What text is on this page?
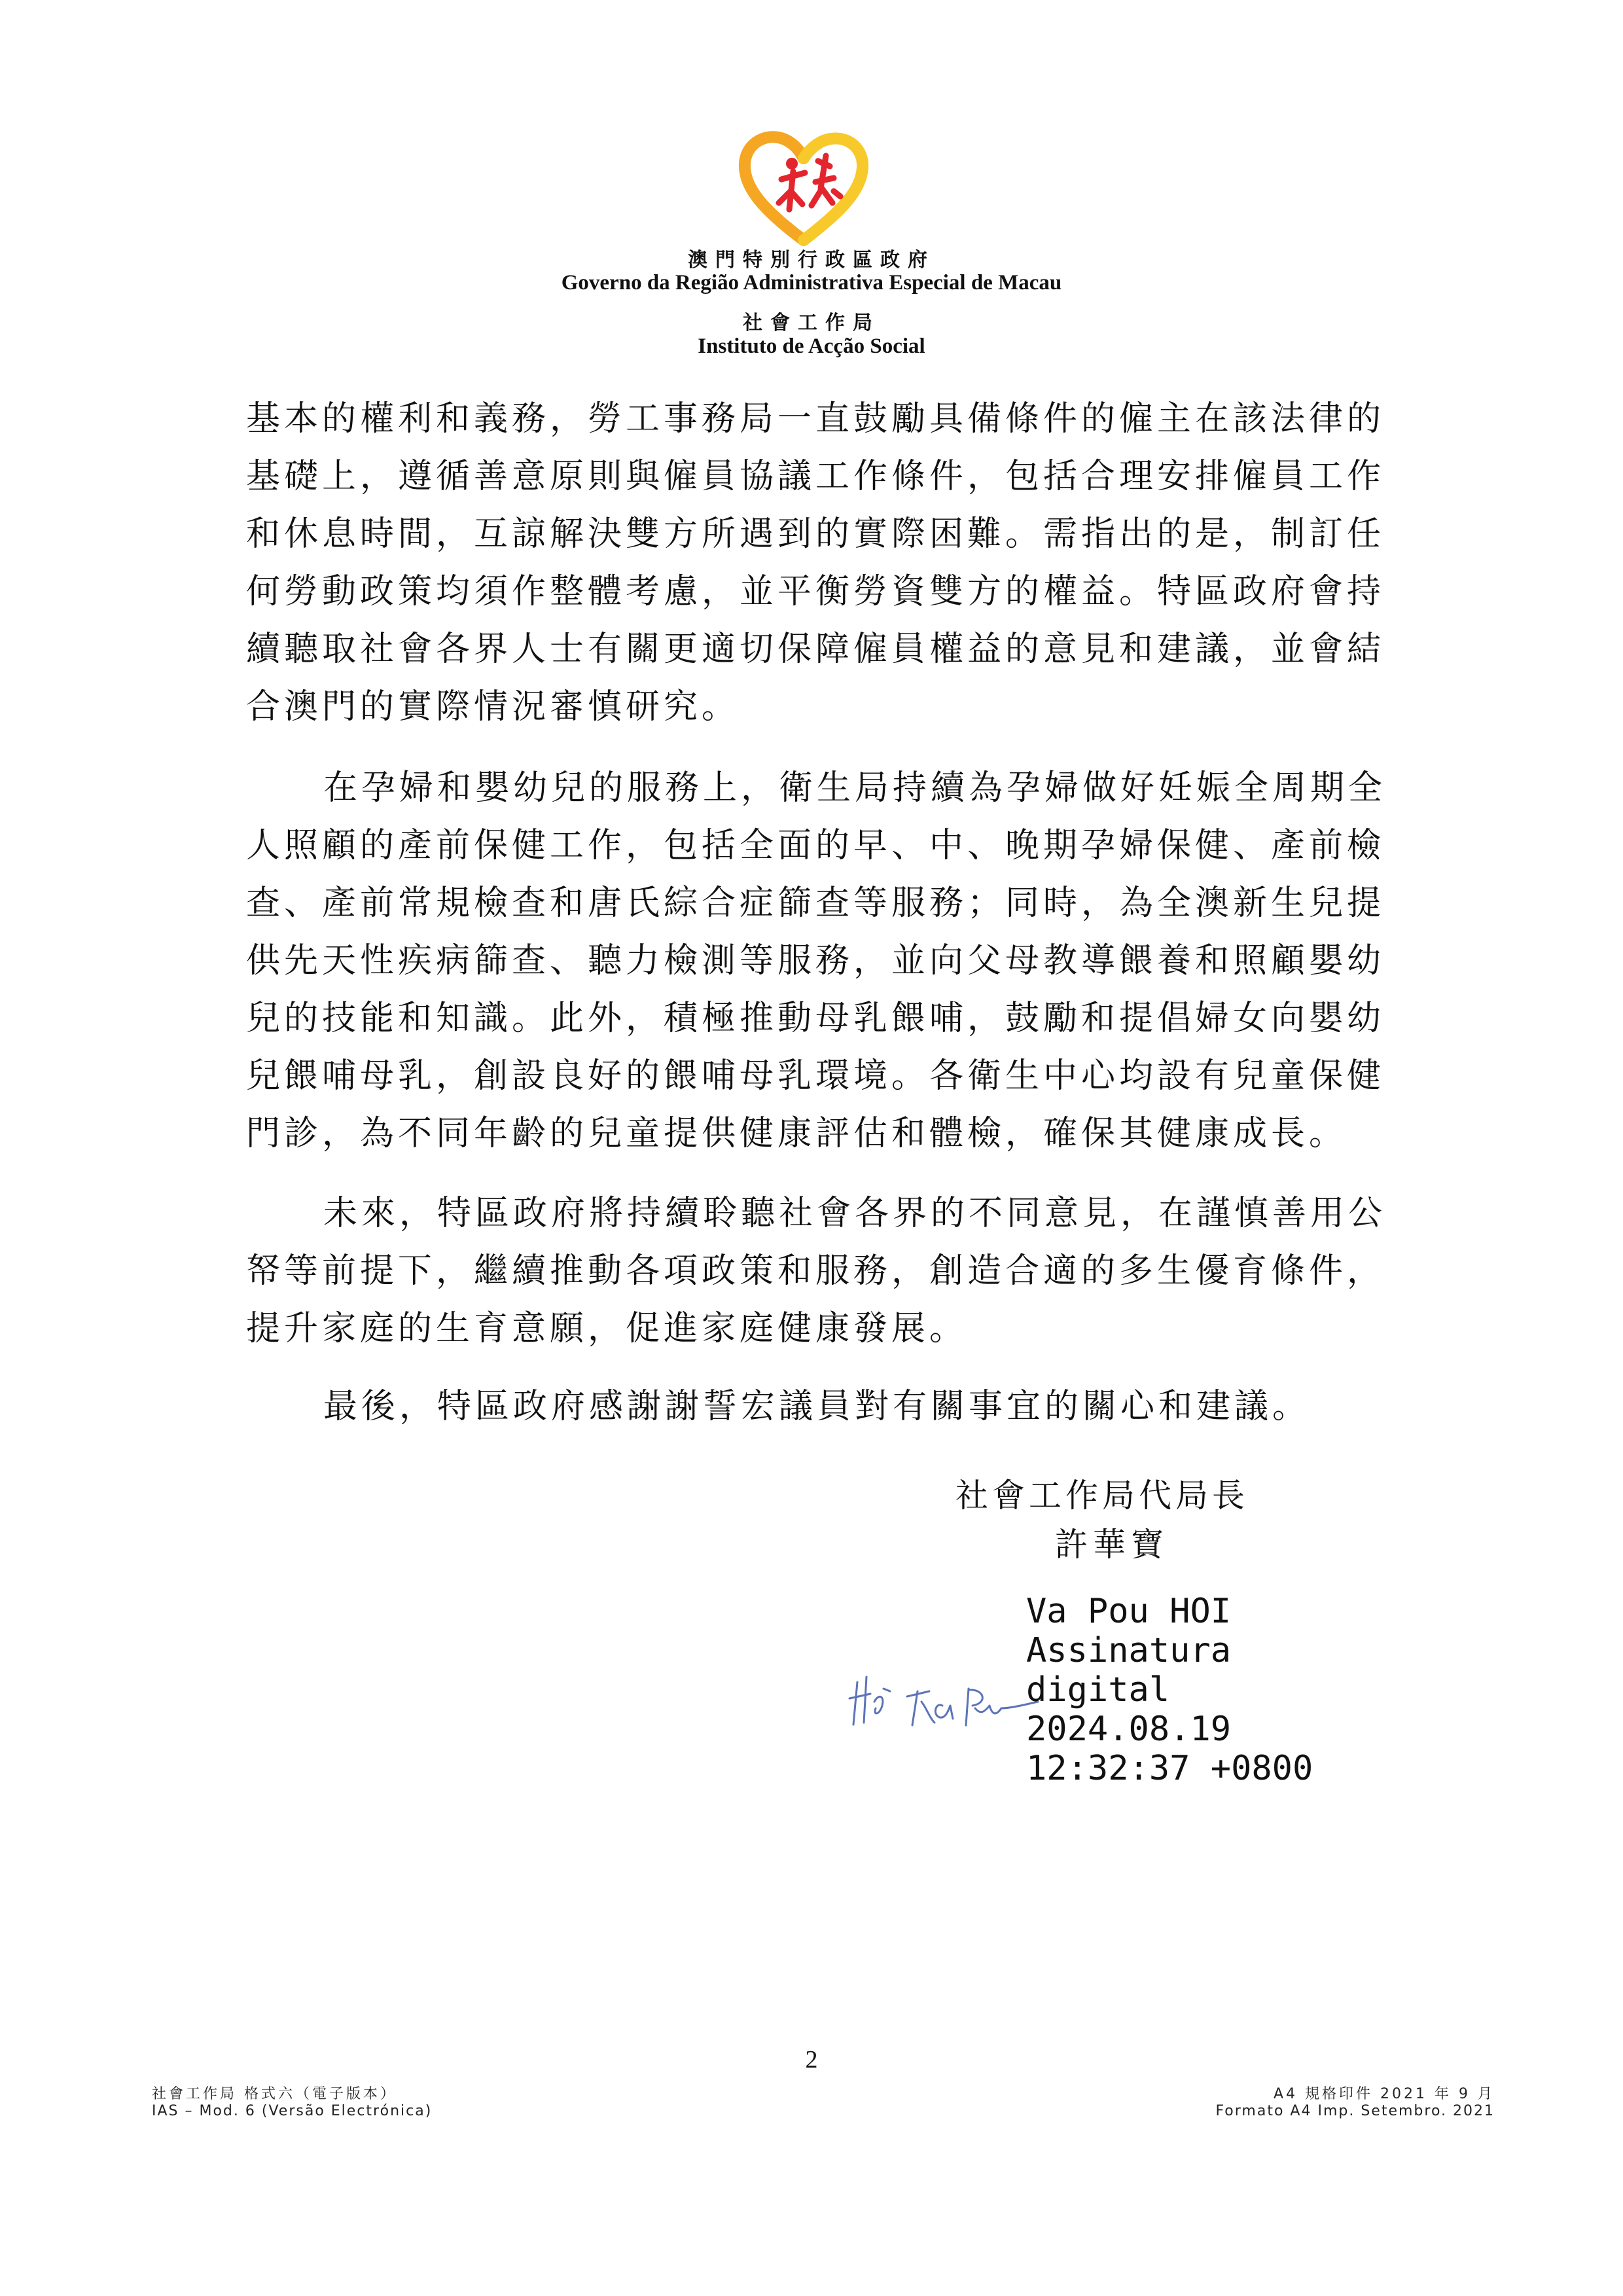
澳門特別行政區政府
Governo da Região Administrativa Especial de Macau
社會工作局
Instituto de Acção Social

基本的權利和義務，勞工事務局一直鼓勵具備條件的僱主在該法律的
基礎上，遵循善意原則與僱員協議工作條件，包括合理安排僱員工作
和休息時間，互諒解決雙方所遇到的實際困難。需指出的是，制訂任
何勞動政策均須作整體考慮，並平衡勞資雙方的權益。特區政府會持
續聽取社會各界人士有關更適切保障僱員權益的意見和建議，並會結
合澳門的實際情況審慎研究。

在孕婦和嬰幼兒的服務上，衛生局持續為孕婦做好妊娠全周期全
人照顧的產前保健工作，包括全面的早、中、晚期孕婦保健、產前檢
查、產前常規檢查和唐氏綜合症篩查等服務；同時，為全澳新生兒提
供先天性疾病篩查、聽力檢測等服務，並向父母教導餵養和照顧嬰幼
兒的技能和知識。此外，積極推動母乳餵哺，鼓勵和提倡婦女向嬰幼
兒餵哺母乳，創設良好的餵哺母乳環境。各衛生中心均設有兒童保健
門診，為不同年齡的兒童提供健康評估和體檢，確保其健康成長。

未來，特區政府將持續聆聽社會各界的不同意見，在謹慎善用公
帑等前提下，繼續推動各項政策和服務，創造合適的多生優育條件，
提升家庭的生育意願，促進家庭健康發展。

最後，特區政府感謝謝誓宏議員對有關事宜的關心和建議。

社會工作局代局長
許華寶
Va Pou HOI
Assinatura
digital
2024.08.19
12:32:37 +0800
2
社會工作局 格式六（電子版本）
IAS – Mod. 6 (Versão Electrónica)
A4 規格印件 2021 年 9 月
Formato A4 Imp. Setembro. 2021
